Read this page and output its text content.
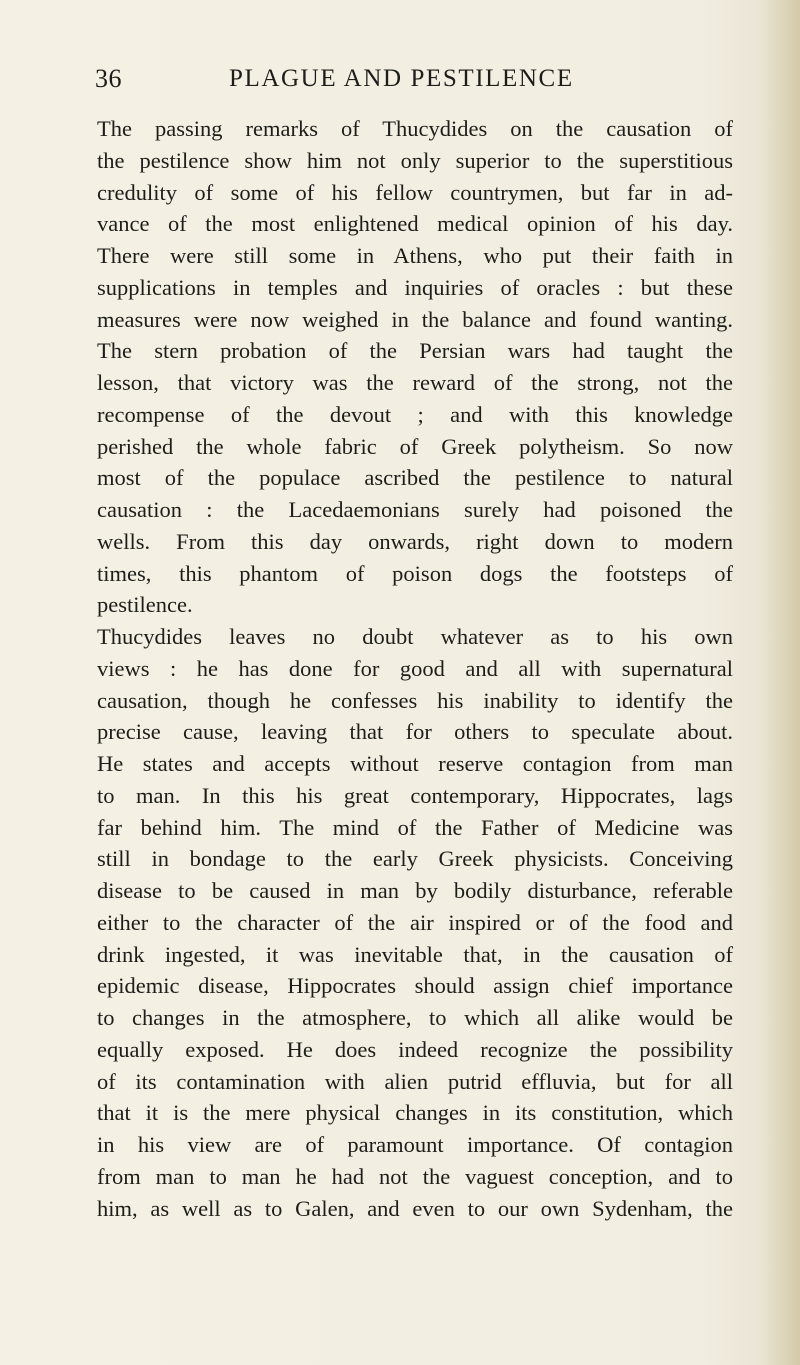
36	PLAGUE AND PESTILENCE
The passing remarks of Thucydides on the causation of
the pestilence show him not only superior to the superstitious
credulity of some of his fellow countrymen, but far in ad-
vance of the most enlightened medical opinion of his day.
There were still some in Athens, who put their faith in
supplications in temples and inquiries of oracles : but these
measures were now weighed in the balance and found wanting.
The stern probation of the Persian wars had taught the
lesson, that victory was the reward of the strong, not the
recompense of the devout ; and with this knowledge
perished the whole fabric of Greek polytheism. So now
most of the populace ascribed the pestilence to natural
causation : the Lacedaemonians surely had poisoned the
wells. From this day onwards, right down to modern
times, this phantom of poison dogs the footsteps of
pestilence.
Thucydides leaves no doubt whatever as to his own
views : he has done for good and all with supernatural
causation, though he confesses his inability to identify the
precise cause, leaving that for others to speculate about.
He states and accepts without reserve contagion from man
to man. In this his great contemporary, Hippocrates, lags
far behind him. The mind of the Father of Medicine was
still in bondage to the early Greek physicists. Conceiving
disease to be caused in man by bodily disturbance, referable
either to the character of the air inspired or of the food and
drink ingested, it was inevitable that, in the causation of
epidemic disease, Hippocrates should assign chief importance
to changes in the atmosphere, to which all alike would be
equally exposed. He does indeed recognize the possibility
of its contamination with alien putrid effluvia, but for all
that it is the mere physical changes in its constitution, which
in his view are of paramount importance. Of contagion
from man to man he had not the vaguest conception, and to
him, as well as to Galen, and even to our own Sydenham, the
